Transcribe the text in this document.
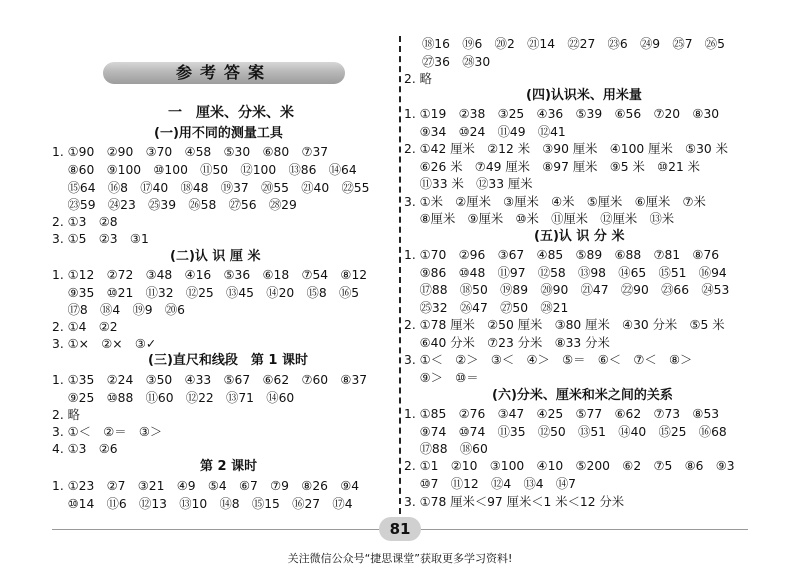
参考答案
一　厘米、分米、米
(一)用不同的测量工具
1. ①90　②90　③70　④58　⑤30　⑥80　⑦37
⑧60　⑨100　⑩100　⑪50　⑫100　⑬86　⑭64
⑮64　⑯8　⑰40　⑱48　⑲37　⑳55　㉑40　㉒55
㉓59　㉔23　㉕39　㉖58　㉗56　㉘29
2. ①3　②8
3. ①5　②3　③1
(二)认 识 厘 米
1. ①12　②72　③48　④16　⑤36　⑥18　⑦54　⑧12
⑨35　⑩21　⑪32　⑫25　⑬45　⑭20　⑮8　⑯5
⑰8　⑱4　⑲9　⑳6
2. ①4　②2
3. ①×　②×　③✓
(三)直尺和线段　第 1 课时
1. ①35　②24　③50　④33　⑤67　⑥62　⑦60　⑧37
⑨25　⑩88　⑪60　⑫22　⑬71　⑭60
2. 略
3. ①＜　②＝　③＞
4. ①3　②6
第 2 课时
1. ①23　②7　③21　④9　⑤4　⑥7　⑦9　⑧26　⑨4
⑩14　⑪6　⑫13　⑬10　⑭8　⑮15　⑯27　⑰4
⑱16　⑲6　⑳2　㉑14　㉒27　㉓6　㉔9　㉕7　㉖5
㉗36　㉘30
2. 略
(四)认识米、用米量
1. ①19　②38　③25　④36　⑤39　⑥56　⑦20　⑧30
⑨34　⑩24　⑪49　⑫41
2. ①42 厘米　②12 米　③90 厘米　④100 厘米　⑤30 米
⑥26 米　⑦49 厘米　⑧97 厘米　⑨5 米　⑩21 米
⑪33 米　⑫33 厘米
3. ①米　②厘米　③厘米　④米　⑤厘米　⑥厘米　⑦米
⑧厘米　⑨厘米　⑩米　⑪厘米　⑫厘米　⑬米
(五)认 识 分 米
1. ①70　②96　③67　④85　⑤89　⑥88　⑦81　⑧76
⑨86　⑩48　⑪97　⑫58　⑬98　⑭65　⑮51　⑯94
⑰88　⑱50　⑲89　⑳90　㉑47　㉒90　㉓66　㉔53
㉕32　㉖47　㉗50　㉘21
2. ①78 厘米　②50 厘米　③80 厘米　④30 分米　⑤5 米
⑥40 分米　⑦23 分米　⑧33 分米
3. ①＜　②＞　③＜　④＞　⑤＝　⑥＜　⑦＜　⑧＞
⑨＞　⑩＝
(六)分米、厘米和米之间的关系
1. ①85　②76　③47　④25　⑤77　⑥62　⑦73　⑧53
⑨74　⑩74　⑪35　⑫50　⑬51　⑭40　⑮25　⑯68
⑰88　⑱60
2. ①1　②10　③100　④10　⑤200　⑥2　⑦5　⑧6　⑨3
⑩7　⑪12　⑫4　⑬4　⑭7
3. ①78 厘米＜97 厘米＜1 米＜12 分米
81
关注微信公众号“捷思课堂”获取更多学习资料!
